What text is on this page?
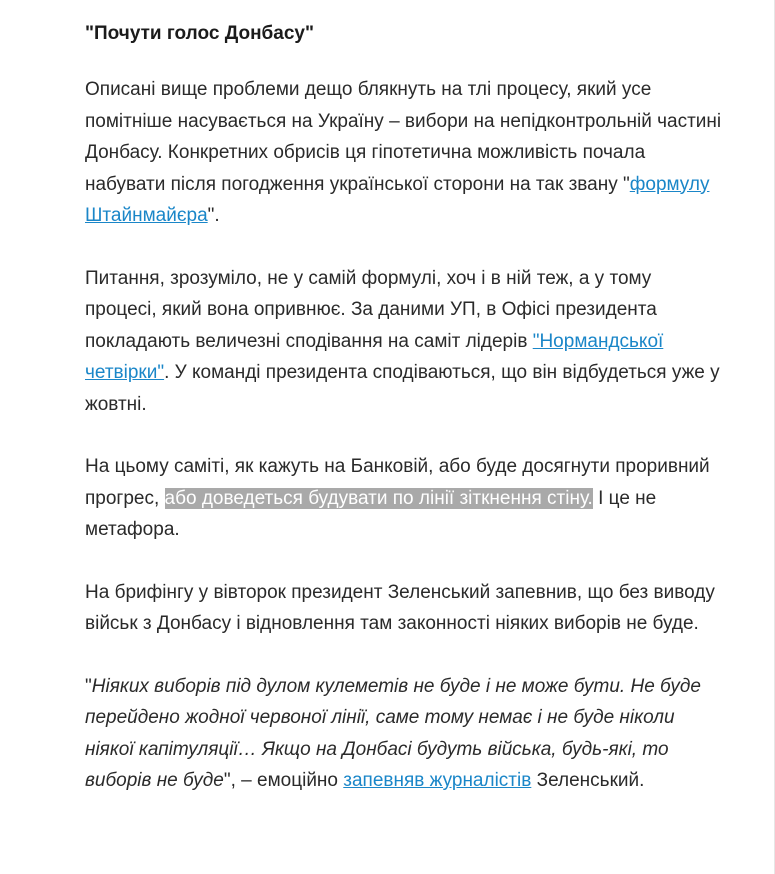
"Почути голос Донбасу"

Описані вище проблеми дещо блякнуть на тлі процесу, який усе помітніше насувається на Україну – вибори на непідконтрольній частині Донбасу. Конкретних обрисів ця гіпотетична можливість почала набувати після погодження української сторони на так звану "формулу Штайнмайєра".

Питання, зрозуміло, не у самій формулі, хоч і в ній теж, а у тому процесі, який вона опривнює. За даними УП, в Офісі президента покладають величезні сподівання на саміт лідерів "Нормандської четвірки". У команді президента сподіваються, що він відбудеться уже у жовтні.

На цьому саміті, як кажуть на Банковій, або буде досягнути проривний прогрес, або доведеться будувати по лінії зіткнення стіну. І це не метафора.

На брифінгу у вівторок президент Зеленський запевнив, що без виводу військ з Донбасу і відновлення там законності ніяких виборів не буде.

"Ніяких виборів під дулом кулеметів не буде і не може бути. Не буде перейдено жодної червоної лінії, саме тому немає і не буде ніколи ніякої капітуляції… Якщо на Донбасі будуть війська, будь-які, то виборів не буде", – емоційно запевняв журналістів Зеленський.
